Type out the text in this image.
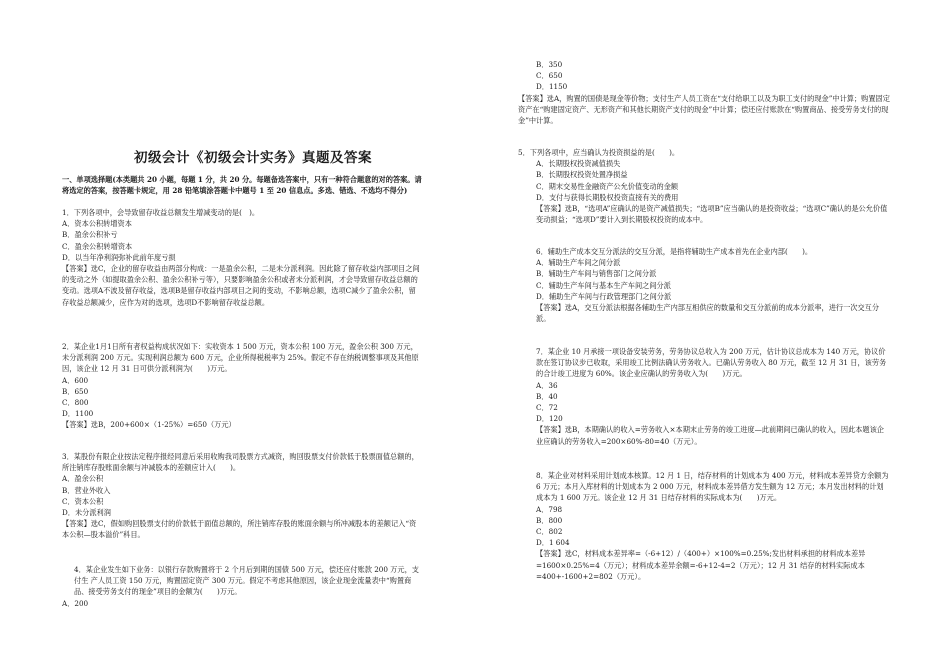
初级会计《初级会计实务》真题及答案
一、单项选择题(本类题共 20 小题，每题 1 分，共 20 分。每题备选答案中，只有一种符合题意的对的答案。请将选定的答案，按答题卡规定，用 28 铅笔填涂答题卡中题号 1 至 20 信息点。多选、错选、不选均不得分)

1．下列各项中，会导致留存收益总额发生增减变动的是(　)。

A．资本公积转增资本

B．盈余公积补亏

C．盈余公积转增资本

D．以当年净利润弥补此前年度亏损

【答案】选C，企业的留存收益由两部分构成：一是盈余公积，二是未分派利润。因此除了留存收益内部项目之间的变动之外（如提取盈余公积、盈余公积补亏等），只要影响盈余公积或者未分派利润，才会导致留存收益总额的变动。选项A不波及留存收益，选项B是留存收益内部项目之间的变动，不影响总额，选项C减少了盈余公积，留存收益总额减少，应作为对的选项，选项D不影响留存收益总额。

2．某企业1月1日所有者权益构成状况如下：实收资本 1 500 万元，资本公积 100 万元，盈余公积 300 万元，未分派利润 200 万元。实现利润总额为 600 万元，企业所得税税率为 25%。假定不存在纳税调整事项及其他原因，该企业 12 月 31 日可供分派利润为(　　)万元。

A．600

B．650

C．800

D．1100

【答案】选B，200+600×（1-25%）=650（万元）

3．某股份有限企业按法定程序报经同意后采用收购我司股票方式减资，购回股票支付价款低于股票面值总额的，所注销库存股账面余额与冲减股本的差额应计入(　　)。

A．盈余公积

B．营业外收入

C．资本公积

D．未分派利润

【答案】选C，假如购回股票支付的价款低于面值总额的，所注销库存股的账面余额与所冲减股本的差额记入“资本公积—股本溢价”科目。

4．某企业发生如下业务：以银行存款购置将于 2 个月后到期的国债 500 万元，偿还应付账款 200 万元，支付生 产人员工资 150 万元，购置固定资产 300 万元。假定不考虑其他原因，该企业现金流量表中“购置商品、接受劳务支付的现金”项目的金额为(　　)万元。

A．200

B．350

C．650

D．1150

【答案】选A，购置的国债是现金等价物；支付生产人员工资在“支付给职工以及为职工支付的现金”中计算；购置固定资产在“购建固定资产、无形资产和其他长期资产支付的现金”中计算；偿还应付账款在“购置商品、接受劳务支付的现金”中计算。

5．下列各项中，应当确认为投资损益的是(　　)。

A．长期股权投资减值损失

B．长期股权投资处置净损益

C．期末交易性金融资产公允价值变动的金额

D．支付与获得长期股权投资直接有关的费用

【答案】选B，“选项A”应确认的是资产减值损失；“选项B”应当确认的是投资收益；“选项C”确认的是公允价值变动损益；“选项D”要计入到长期股权投资的成本中。

6．辅助生产成本交互分派法的交互分派，是指将辅助生产成本首先在企业内部(　　)。

A．辅助生产车间之间分派

B．辅助生产车间与销售部门之间分派

C．辅助生产车间与基本生产车间之间分派

D．辅助生产车间与行政管理部门之间分派

【答案】选A，交互分派法根据各辅助生产内部互相供应的数量和交互分派前的成本分派率，进行一次交互分派。

7．某企业 10 月承接一项设备安装劳务，劳务协议总收入为 200 万元，估计协议总成本为 140 万元，协议价款在签订协议步已收取，采用竣工比例法确认劳务收入。已确认劳务收入 80 万元，截至 12 月 31 日，该劳务的合计竣工进度为 60%。该企业应确认的劳务收入为(　　)万元。

A．36

B．40

C．72

D．120

【答案】选B，本期确认的收入=劳务收入×本期末止劳务的竣工进度—此前期间已确认的收入，因此本题该企业应确认的劳务收入=200×60%-80=40（万元）。

8．某企业对材料采用计划成本核算。12 月 1 日，结存材料的计划成本为 400 万元，材料成本差异贷方余额为 6 万元；本月入库材料的计划成本为 2 000 万元，材料成本差异借方发生额为 12 万元；本月发出材料的计划成本为 1 600 万元。该企业 12 月 31 日结存材料的实际成本为(　　)万元。

A．798

B．800

C．802

D．1 604

【答案】选C，材料成本差异率=（-6+12）/（400+）×100%=0.25%;发出材料承担的材料成本差异=1600×0.25%=4（万元）；材料成本差异余额=-6+12-4=2（万元）；12 月 31 结存的材料实际成本=400+-1600+2=802（万元）。
